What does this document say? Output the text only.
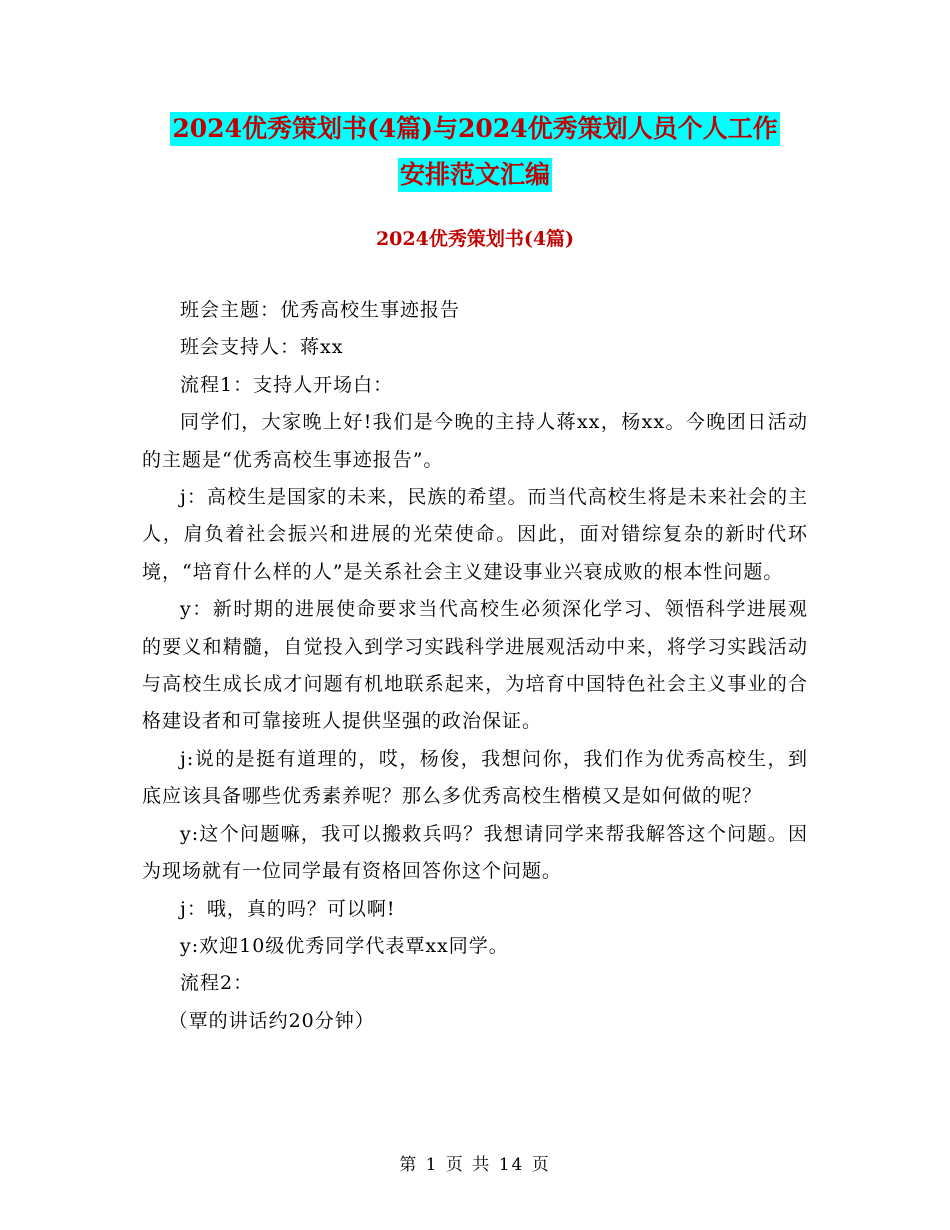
2024优秀策划书(4篇)与2024优秀策划人员个人工作
安排范文汇编
2024优秀策划书(4篇)

班会主题：优秀高校生事迹报告

班会支持人：蒋xx

流程1：支持人开场白：

同学们，大家晚上好!我们是今晚的主持人蒋xx，杨xx。今晚团日活动的主题是“优秀高校生事迹报告”。

j：高校生是国家的未来，民族的希望。而当代高校生将是未来社会的主人，肩负着社会振兴和进展的光荣使命。因此，面对错综复杂的新时代环境，“培育什么样的人”是关系社会主义建设事业兴衰成败的根本性问题。

y：新时期的进展使命要求当代高校生必须深化学习、领悟科学进展观的要义和精髓，自觉投入到学习实践科学进展观活动中来，将学习实践活动与高校生成长成才问题有机地联系起来，为培育中国特色社会主义事业的合格建设者和可靠接班人提供坚强的政治保证。

j:说的是挺有道理的，哎，杨俊，我想问你，我们作为优秀高校生，到底应该具备哪些优秀素养呢？那么多优秀高校生楷模又是如何做的呢？

y:这个问题嘛，我可以搬救兵吗？我想请同学来帮我解答这个问题。因为现场就有一位同学最有资格回答你这个问题。

j：哦，真的吗？可以啊!

y:欢迎10级优秀同学代表覃xx同学。

流程2：

（覃的讲话约20分钟）

第 1 页 共 14 页
